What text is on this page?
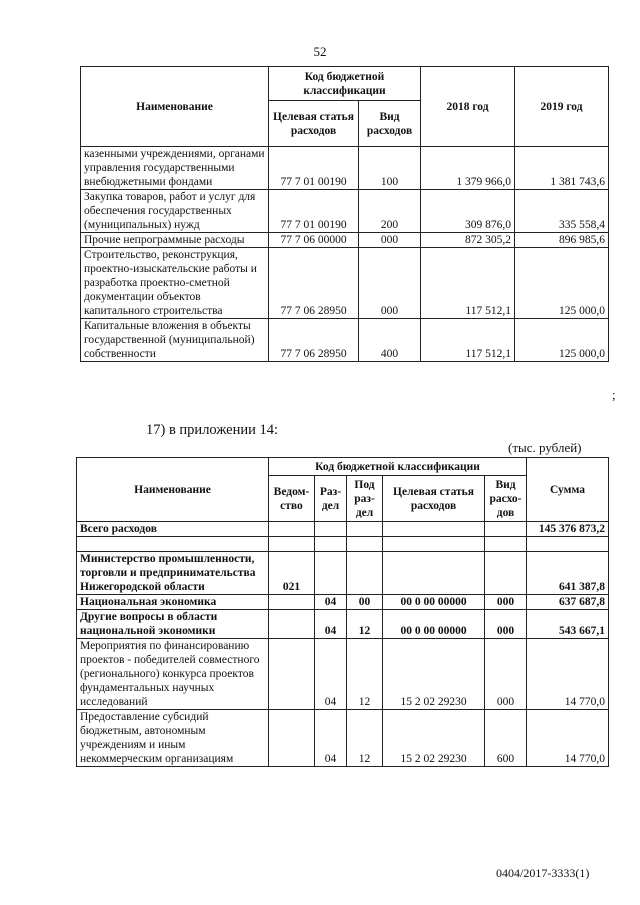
52
Наименование	Код бюджетной классификации		2018 год	2019 год
	Целевая статья расходов	Вид расходов		
казенными учреждениями, органами управления государственными внебюджетными фондами	77 7 01 00190	100	1 379 966,0	1 381 743,6
Закупка товаров, работ и услуг для обеспечения государственных (муниципальных) нужд	77 7 01 00190	200	309 876,0	335 558,4
Прочие непрограммные расходы	77 7 06 00000	000	872 305,2	896 985,6
Строительство, реконструкция, проектно-изыскательские работы и разработка проектно-сметной документации объектов капитального строительства	77 7 06 28950	000	117 512,1	125 000,0
Капитальные вложения в объекты государственной (муниципальной) собственности	77 7 06 28950	400	117 512,1	125 000,0
;
17) в приложении 14:
(тыс. рублей)
Наименование	Код бюджетной классификации					Сумма
	Ведом-ство	Раз-дел	Под раз-дел	Целевая статья расходов	Вид расхо-дов	
Всего расходов						145 376 873,2

Министерство промышленности, торговли и предпринимательства Нижегородской области	021					641 387,8
Национальная экономика		04	00	00 0 00 00000	000	637 687,8
Другие вопросы в области национальной экономики		04	12	00 0 00 00000	000	543 667,1
Мероприятия по финансированию проектов - победителей совместного (регионального) конкурса проектов фундаментальных научных исследований		04	12	15 2 02 29230	000	14 770,0
Предоставление субсидий бюджетным, автономным учреждениям и иным некоммерческим организациям		04	12	15 2 02 29230	600	14 770,0
0404/2017-3333(1)
